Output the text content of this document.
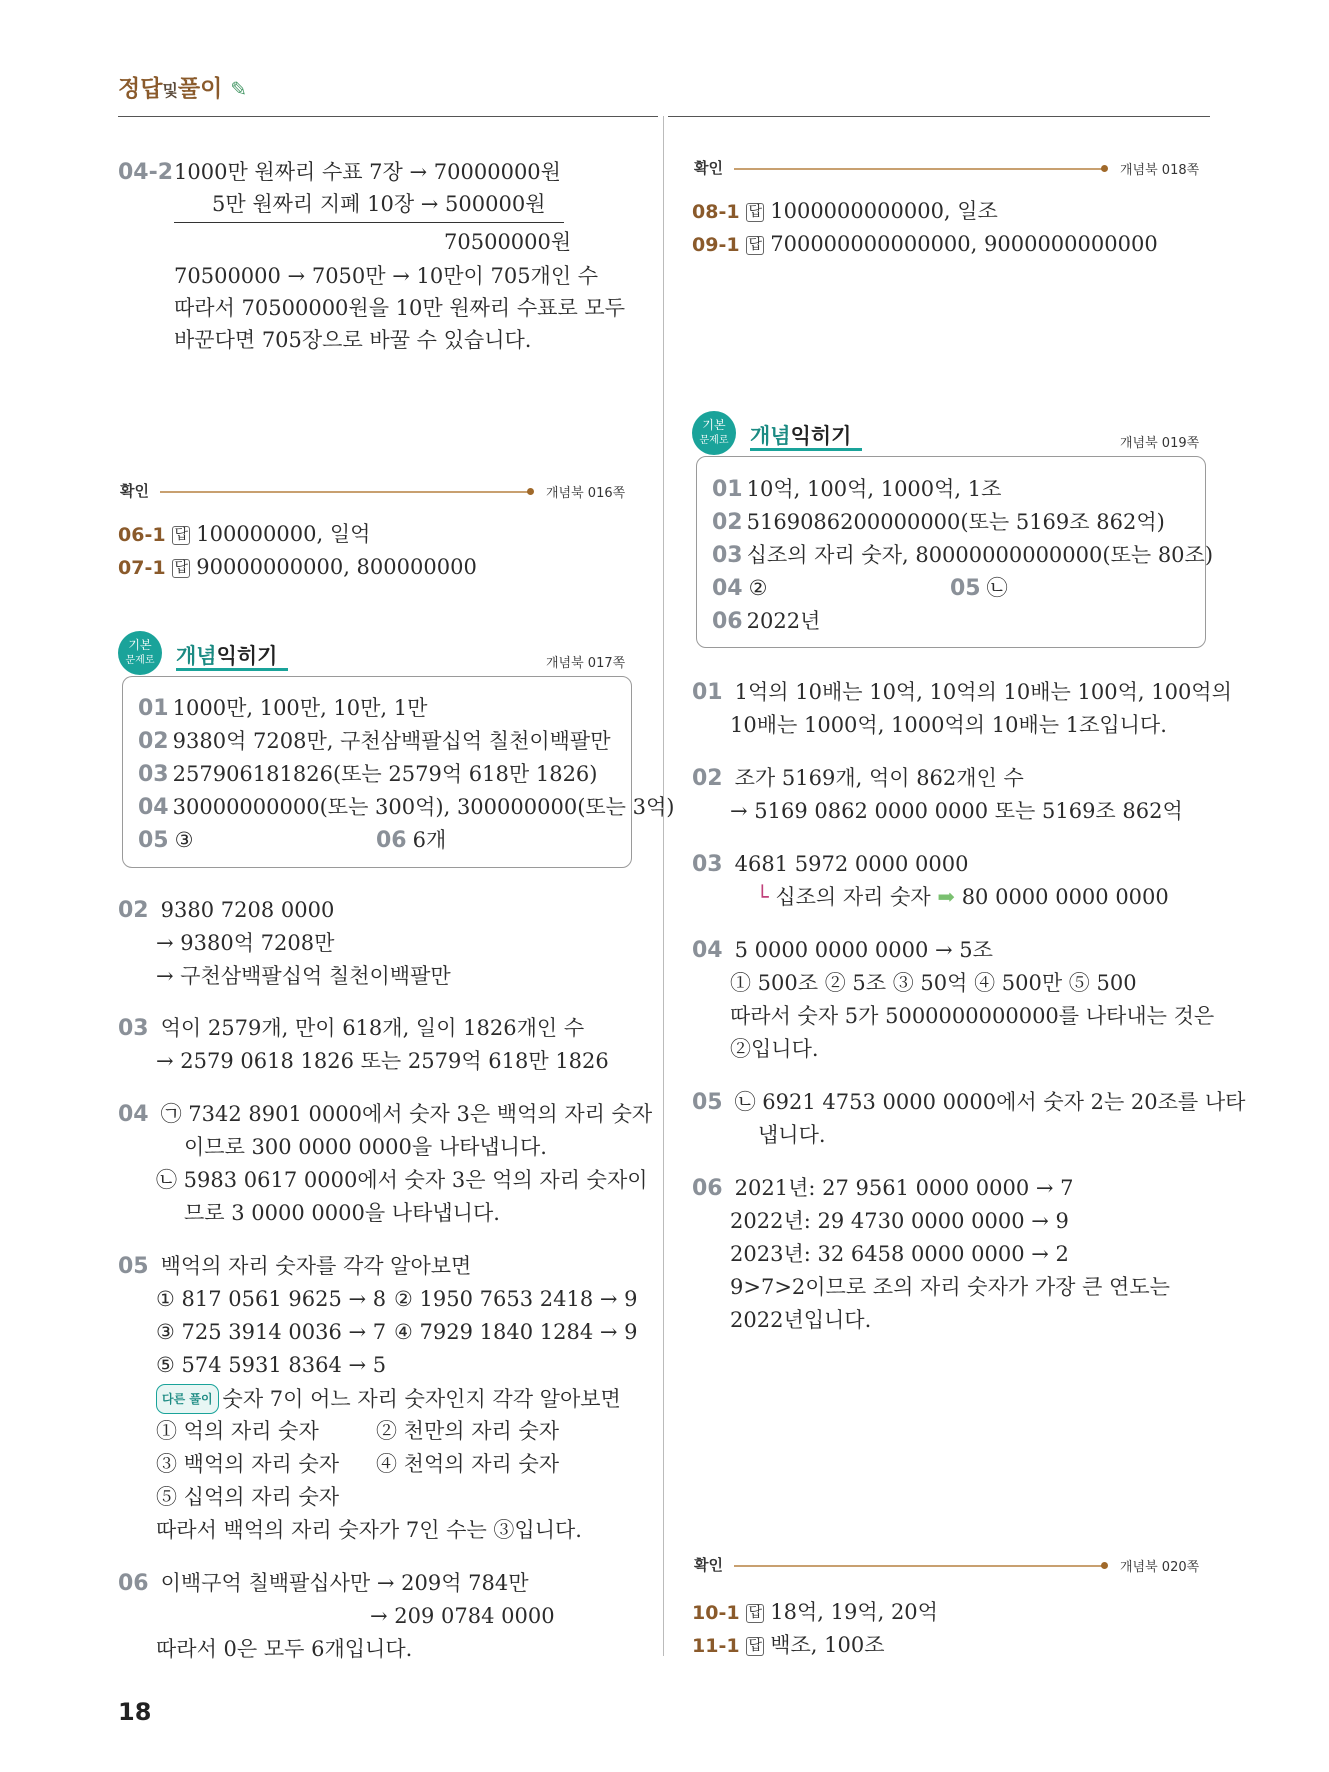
정답및풀이 ✎
04-2 1000만 원짜리 수표 7장 → 70000000원
5만 원짜리 지폐 10장 → 500000원
70500000원
70500000 → 7050만 → 10만이 705개인 수
따라서 70500000원을 10만 원짜리 수표로 모두
바꾼다면 705장으로 바꿀 수 있습니다.
확인	개념북 016쪽
06-1 답 100000000, 일억
07-1 답 90000000000, 800000000
기본
문제로	개념익히기	개념북 017쪽
01 1000만, 100만, 10만, 1만
02 9380억 7208만, 구천삼백팔십억 칠천이백팔만
03 257906181826(또는 2579억 618만 1826)
04 30000000000(또는 300억), 300000000(또는 3억)
05 ③	06 6개
02 9380 7208 0000
→ 9380억 7208만
→ 구천삼백팔십억 칠천이백팔만
03 억이 2579개, 만이 618개, 일이 1826개인 수
→ 2579 0618 1826 또는 2579억 618만 1826
04 ㉠ 7342 8901 0000에서 숫자 3은 백억의 자리 숫자
이므로 300 0000 0000을 나타냅니다.
㉡ 5983 0617 0000에서 숫자 3은 억의 자리 숫자이
므로 3 0000 0000을 나타냅니다.
05 백억의 자리 숫자를 각각 알아보면
① 817 0561 9625 → 8 ② 1950 7653 2418 → 9
③ 725 3914 0036 → 7 ④ 7929 1840 1284 → 9
⑤ 574 5931 8364 → 5
다른 풀이 숫자 7이 어느 자리 숫자인지 각각 알아보면
① 억의 자리 숫자	② 천만의 자리 숫자
③ 백억의 자리 숫자 ④ 천억의 자리 숫자
⑤ 십억의 자리 숫자
따라서 백억의 자리 숫자가 7인 수는 ③입니다.
06 이백구억 칠백팔십사만 → 209억 784만
→ 209 0784 0000
따라서 0은 모두 6개입니다.
확인	개념북 018쪽
08-1 답 1000000000000, 일조
09-1 답 700000000000000, 9000000000000
기본
문제로	개념익히기	개념북 019쪽
01 10억, 100억, 1000억, 1조
02 5169086200000000(또는 5169조 862억)
03 십조의 자리 숫자, 80000000000000(또는 80조)
04 ②	05 ㉡
06 2022년
01 1억의 10배는 10억, 10억의 10배는 100억, 100억의
10배는 1000억, 1000억의 10배는 1조입니다.
02 조가 5169개, 억이 862개인 수
→ 5169 0862 0000 0000 또는 5169조 862억
03 4681 5972 0000 0000
└ 십조의 자리 숫자 ➡ 80 0000 0000 0000
04 5 0000 0000 0000 → 5조
① 500조 ② 5조 ③ 50억 ④ 500만 ⑤ 500
따라서 숫자 5가 5000000000000를 나타내는 것은
②입니다.
05 ㉡ 6921 4753 0000 0000에서 숫자 2는 20조를 나타
냅니다.
06 2021년: 27 9561 0000 0000 → 7
2022년: 29 4730 0000 0000 → 9
2023년: 32 6458 0000 0000 → 2
9>7>2이므로 조의 자리 숫자가 가장 큰 연도는
2022년입니다.
확인	개념북 020쪽
10-1 답 18억, 19억, 20억
11-1 답 백조, 100조
18
